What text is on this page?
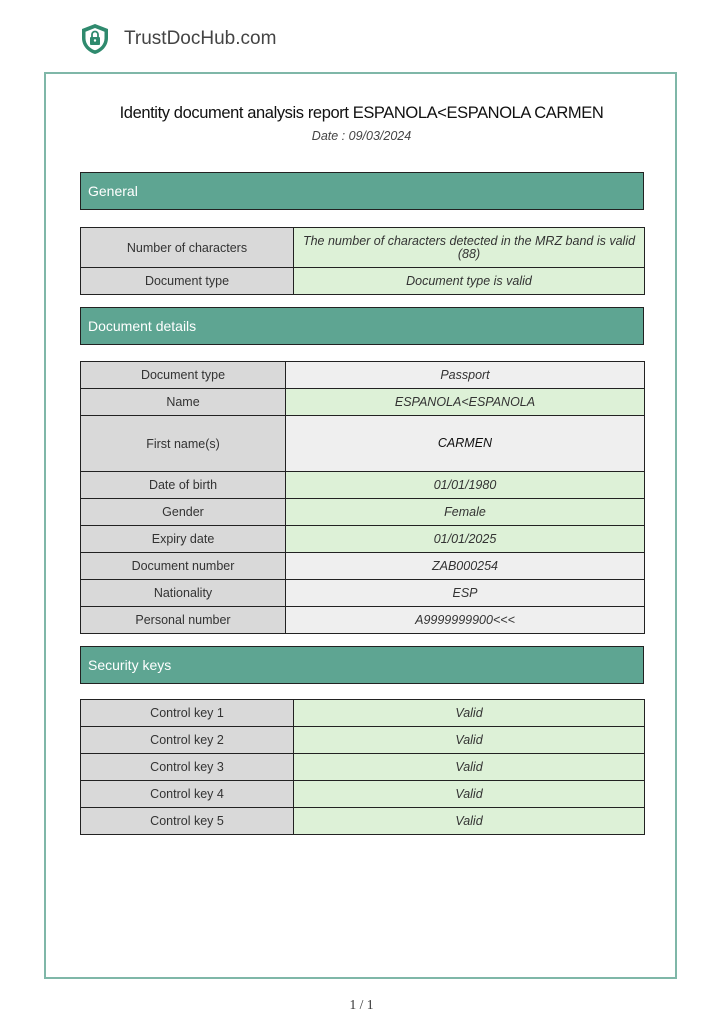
TrustDocHub.com
Identity document analysis report ESPANOLA<ESPANOLA CARMEN
Date : 09/03/2024
General
Number of characters	The number of characters detected in the MRZ band is valid (88)
Document type	Document type is valid
Document details
Document type	Passport
Name	ESPANOLA<ESPANOLA
First name(s)	CARMEN
Date of birth	01/01/1980
Gender	Female
Expiry date	01/01/2025
Document number	ZAB000254
Nationality	ESP
Personal number	A9999999900<<<
Security keys
Control key 1	Valid
Control key 2	Valid
Control key 3	Valid
Control key 4	Valid
Control key 5	Valid
1 / 1
